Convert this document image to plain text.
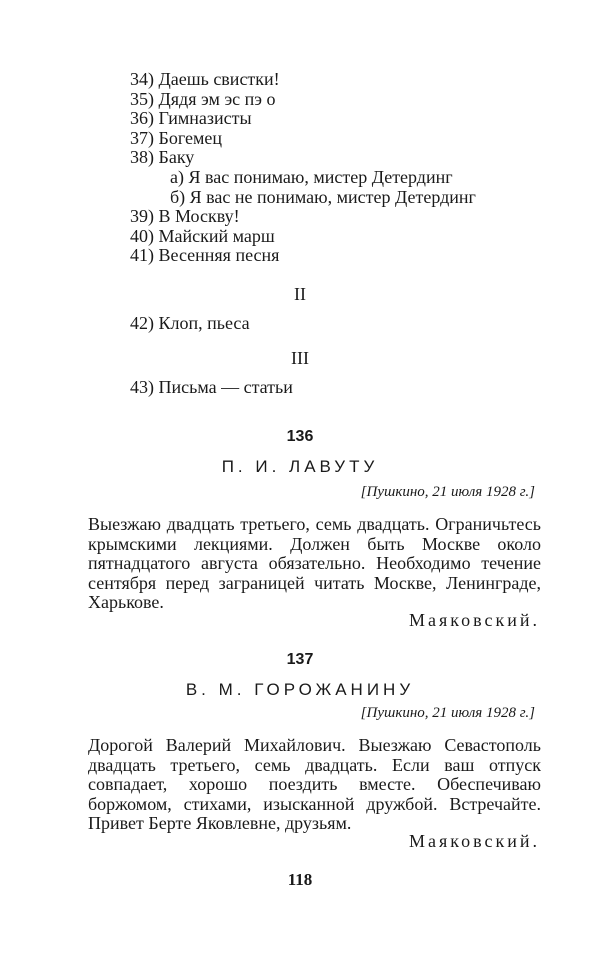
34) Даешь свистки!
35) Дядя эм эс пэ о
36) Гимназисты
37) Богемец
38) Баку
а) Я вас понимаю, мистер Детердинг
б) Я вас не понимаю, мистер Детердинг
39) В Москву!
40) Майский марш
41) Весенняя песня
II
42) Клоп, пьеса
III
43) Письма — статьи
136
П. И. ЛАВУТУ
[Пушкино, 21 июля 1928 г.]

Выезжаю двадцать третьего, семь двадцать. Ограничьтесь крымскими лекциями. Должен быть Москве около пятнадцатого августа обязательно. Необходимо течение сентября перед заграницей читать Москве, Ленинграде, Харькове.

Маяковский.
137
В. М. ГОРОЖАНИНУ
[Пушкино, 21 июля 1928 г.]

Дорогой Валерий Михайлович. Выезжаю Севастополь двадцать третьего, семь двадцать. Если ваш отпуск совпадает, хорошо поездить вместе. Обеспечиваю боржомом, стихами, изысканной дружбой. Встречайте. Привет Берте Яковлевне, друзьям.

Маяковский.
118
